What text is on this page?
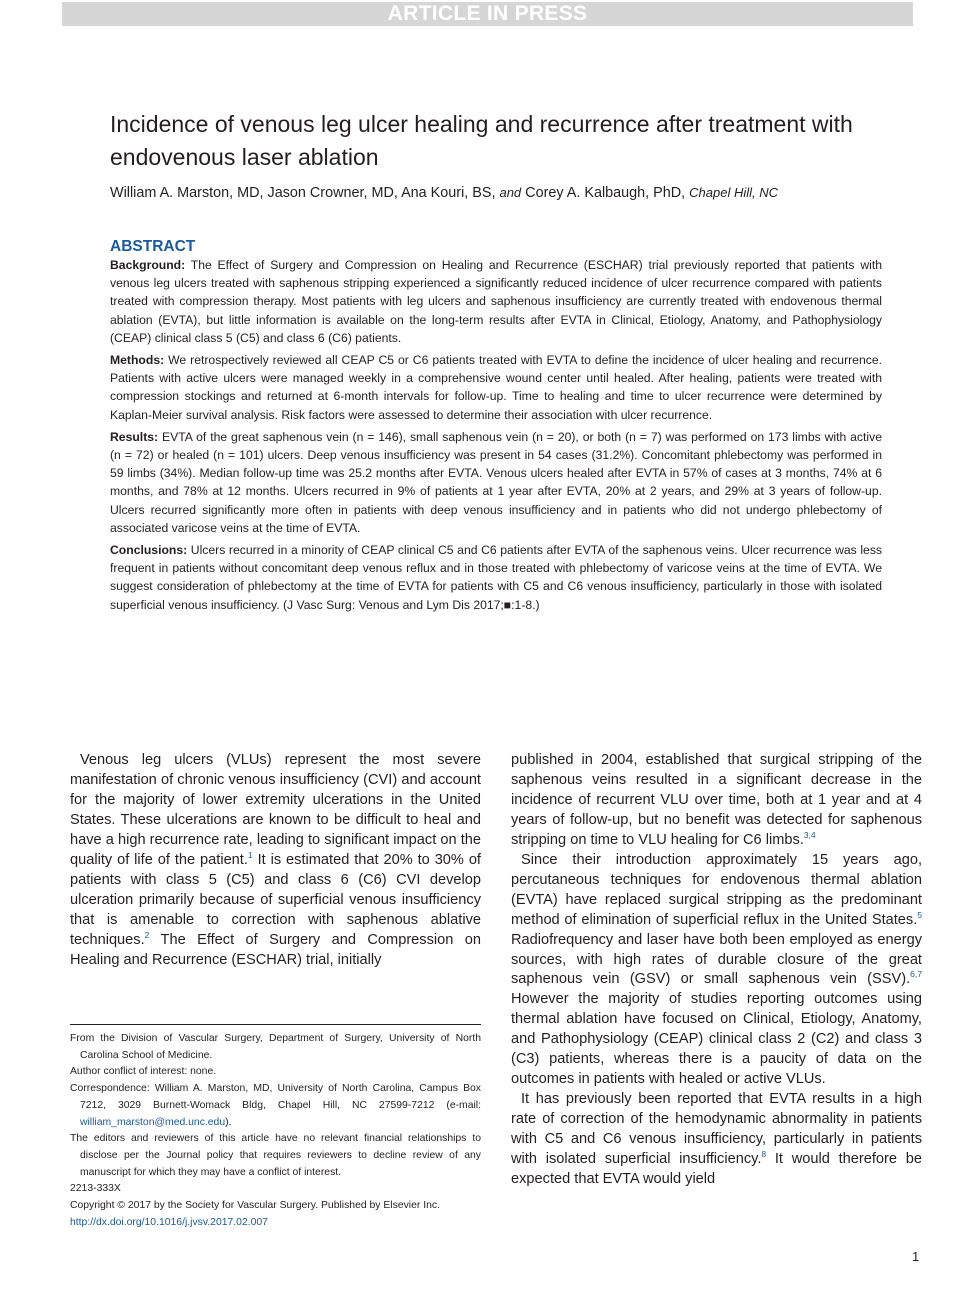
ARTICLE IN PRESS
Incidence of venous leg ulcer healing and recurrence after treatment with endovenous laser ablation
William A. Marston, MD, Jason Crowner, MD, Ana Kouri, BS, and Corey A. Kalbaugh, PhD, Chapel Hill, NC

ABSTRACT

Background: The Effect of Surgery and Compression on Healing and Recurrence (ESCHAR) trial previously reported that patients with venous leg ulcers treated with saphenous stripping experienced a significantly reduced incidence of ulcer recurrence compared with patients treated with compression therapy. Most patients with leg ulcers and saphenous insufficiency are currently treated with endovenous thermal ablation (EVTA), but little information is available on the long-term results after EVTA in Clinical, Etiology, Anatomy, and Pathophysiology (CEAP) clinical class 5 (C5) and class 6 (C6) patients.

Methods: We retrospectively reviewed all CEAP C5 or C6 patients treated with EVTA to define the incidence of ulcer healing and recurrence. Patients with active ulcers were managed weekly in a comprehensive wound center until healed. After healing, patients were treated with compression stockings and returned at 6-month intervals for follow-up. Time to healing and time to ulcer recurrence were determined by Kaplan-Meier survival analysis. Risk factors were assessed to determine their association with ulcer recurrence.

Results: EVTA of the great saphenous vein (n = 146), small saphenous vein (n = 20), or both (n = 7) was performed on 173 limbs with active (n = 72) or healed (n = 101) ulcers. Deep venous insufficiency was present in 54 cases (31.2%). Concomitant phlebectomy was performed in 59 limbs (34%). Median follow-up time was 25.2 months after EVTA. Venous ulcers healed after EVTA in 57% of cases at 3 months, 74% at 6 months, and 78% at 12 months. Ulcers recurred in 9% of patients at 1 year after EVTA, 20% at 2 years, and 29% at 3 years of follow-up. Ulcers recurred significantly more often in patients with deep venous insufficiency and in patients who did not undergo phlebectomy of associated varicose veins at the time of EVTA.

Conclusions: Ulcers recurred in a minority of CEAP clinical C5 and C6 patients after EVTA of the saphenous veins. Ulcer recurrence was less frequent in patients without concomitant deep venous reflux and in those treated with phlebectomy of varicose veins at the time of EVTA. We suggest consideration of phlebectomy at the time of EVTA for patients with C5 and C6 venous insufficiency, particularly in those with isolated superficial venous insufficiency. (J Vasc Surg: Venous and Lym Dis 2017;■:1-8.)

Venous leg ulcers (VLUs) represent the most severe manifestation of chronic venous insufficiency (CVI) and account for the majority of lower extremity ulcerations in the United States. These ulcerations are known to be difficult to heal and have a high recurrence rate, leading to significant impact on the quality of life of the patient.$^1$ It is estimated that 20% to 30% of patients with class 5 (C5) and class 6 (C6) CVI develop ulceration primarily because of superficial venous insufficiency that is amenable to correction with saphenous ablative techniques.$^2$ The Effect of Surgery and Compression on Healing and Recurrence (ESCHAR) trial, initially

published in 2004, established that surgical stripping of the saphenous veins resulted in a significant decrease in the incidence of recurrent VLU over time, both at 1 year and at 4 years of follow-up, but no benefit was detected for saphenous stripping on time to VLU healing for C6 limbs.$^{3,4}$

Since their introduction approximately 15 years ago, percutaneous techniques for endovenous thermal ablation (EVTA) have replaced surgical stripping as the predominant method of elimination of superficial reflux in the United States.$^5$ Radiofrequency and laser have both been employed as energy sources, with high rates of durable closure of the great saphenous vein (GSV) or small saphenous vein (SSV).$^{6,7}$ However the majority of studies reporting outcomes using thermal ablation have focused on Clinical, Etiology, Anatomy, and Pathophysiology (CEAP) clinical class 2 (C2) and class 3 (C3) patients, whereas there is a paucity of data on the outcomes in patients with healed or active VLUs.

It has previously been reported that EVTA results in a high rate of correction of the hemodynamic abnormality in patients with C5 and C6 venous insufficiency, particularly in patients with isolated superficial insufficiency.$^8$ It would therefore be expected that EVTA would yield

From the Division of Vascular Surgery, Department of Surgery, University of North Carolina School of Medicine.

Author conflict of interest: none.

Correspondence: William A. Marston, MD, University of North Carolina, Campus Box 7212, 3029 Burnett-Womack Bldg, Chapel Hill, NC 27599-7212 (e-mail: william_marston@med.unc.edu).

The editors and reviewers of this article have no relevant financial relationships to disclose per the Journal policy that requires reviewers to decline review of any manuscript for which they may have a conflict of interest.

2213-333X

Copyright © 2017 by the Society for Vascular Surgery. Published by Elsevier Inc.

http://dx.doi.org/10.1016/j.jvsv.2017.02.007

1
